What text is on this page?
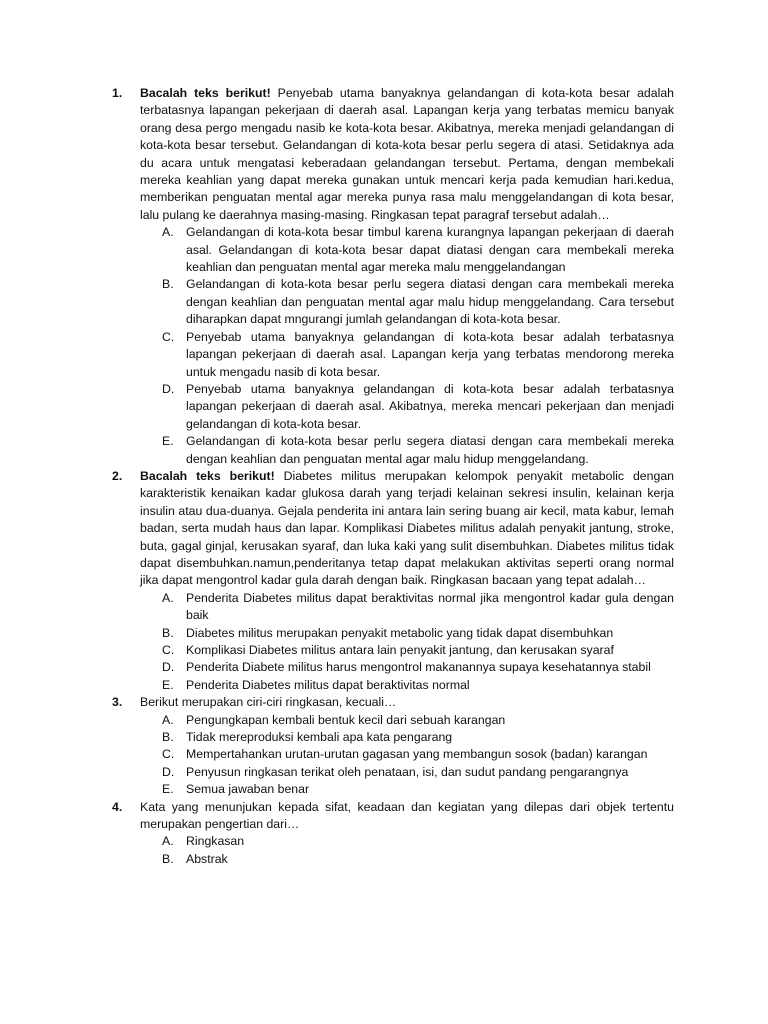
1.	Bacalah teks berikut! Penyebab utama banyaknya gelandangan di kota-kota besar adalah terbatasnya lapangan pekerjaan di daerah asal. Lapangan kerja yang terbatas memicu banyak orang desa pergo mengadu nasib ke kota-kota besar. Akibatnya, mereka menjadi gelandangan di kota-kota besar tersebut. Gelandangan di kota-kota besar perlu segera di atasi. Setidaknya ada du acara untuk mengatasi keberadaan gelandangan tersebut. Pertama, dengan membekali mereka keahlian yang dapat mereka gunakan untuk mencari kerja pada kemudian hari.kedua, memberikan penguatan mental agar mereka punya rasa malu menggelandangan di kota besar, lalu pulang ke daerahnya masing-masing. Ringkasan tepat paragraf tersebut adalah…
A.	Gelandangan di kota-kota besar timbul karena kurangnya lapangan pekerjaan di daerah asal. Gelandangan di kota-kota besar dapat diatasi dengan cara membekali mereka keahlian dan penguatan mental agar mereka malu menggelandangan
B.	Gelandangan di kota-kota besar perlu segera diatasi dengan cara membekali mereka dengan keahlian dan penguatan mental agar malu hidup menggelandang. Cara tersebut diharapkan dapat mngurangi jumlah gelandangan di kota-kota besar.
C. Penyebab utama banyaknya gelandangan di kota-kota besar adalah terbatasnya lapangan pekerjaan di daerah asal. Lapangan kerja yang terbatas mendorong mereka untuk mengadu nasib di kota besar.
D. Penyebab utama banyaknya gelandangan di kota-kota besar adalah terbatasnya lapangan pekerjaan di daerah asal. Akibatnya, mereka mencari pekerjaan dan menjadi gelandangan di kota-kota besar.
E.	Gelandangan di kota-kota besar perlu segera diatasi dengan cara membekali mereka dengan keahlian dan penguatan mental agar malu hidup menggelandang.
2.	Bacalah teks berikut! Diabetes militus merupakan kelompok penyakit metabolic dengan karakteristik kenaikan kadar glukosa darah yang terjadi kelainan sekresi insulin, kelainan kerja insulin atau dua-duanya. Gejala penderita ini antara lain sering buang air kecil, mata kabur, lemah badan, serta mudah haus dan lapar. Komplikasi Diabetes militus adalah penyakit jantung, stroke, buta, gagal ginjal, kerusakan syaraf, dan luka kaki yang sulit disembuhkan. Diabetes militus tidak dapat disembuhkan.namun,penderitanya tetap dapat melakukan aktivitas seperti orang normal jika dapat mengontrol kadar gula darah dengan baik. Ringkasan bacaan yang tepat adalah…
A.	Penderita Diabetes militus dapat beraktivitas normal jika mengontrol kadar gula dengan baik
B.	Diabetes militus merupakan penyakit metabolic yang tidak dapat disembuhkan
C. Komplikasi Diabetes militus antara lain penyakit jantung, dan kerusakan syaraf
D. Penderita Diabete militus harus mengontrol makanannya supaya kesehatannya stabil
E.	Penderita Diabetes militus dapat beraktivitas normal
3.	Berikut merupakan ciri-ciri ringkasan, kecuali…
A.	Pengungkapan kembali bentuk kecil dari sebuah karangan
B.	Tidak mereproduksi kembali apa kata pengarang
C. Mempertahankan urutan-urutan gagasan yang membangun sosok (badan) karangan
D. Penyusun ringkasan terikat oleh penataan, isi, dan sudut pandang pengarangnya
E.	Semua jawaban benar
4.	Kata yang menunjukan kepada sifat, keadaan dan kegiatan yang dilepas dari objek tertentu merupakan pengertian dari…
A.	Ringkasan
B.	Abstrak
